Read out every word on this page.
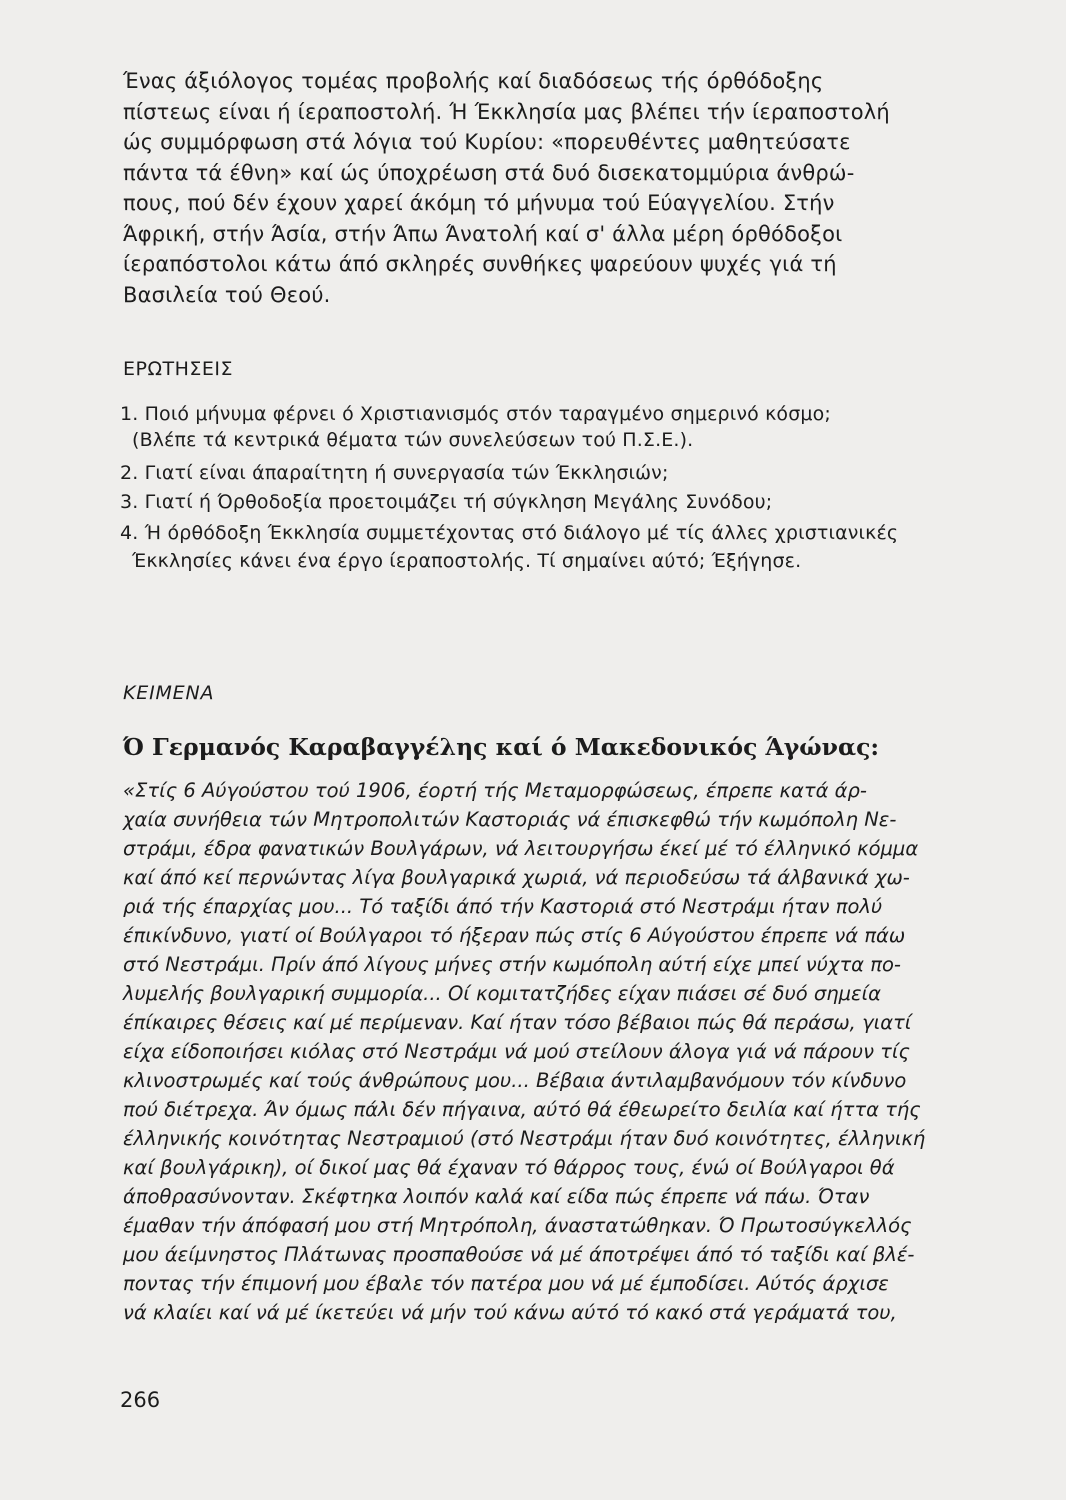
Ένας άξιόλογος τομέας προβολής καί διαδόσεως τής όρθόδοξης
πίστεως είναι ή ίεραποστολή. Ή Έκκλησία μας βλέπει τήν ίεραποστολή
ώς συμμόρφωση στά λόγια τού Κυρίου: «πορευθέντες μαθητεύσατε
πάντα τά έθνη» καί ώς ύποχρέωση στά δυό δισεκατομμύρια άνθρώ-
πους, πού δέν έχουν χαρεί άκόμη τό μήνυμα τού Εύαγγελίου. Στήν
Άφρική, στήν Άσία, στήν Άπω Άνατολή καί σ' άλλα μέρη όρθόδοξοι
ίεραπόστολοι κάτω άπό σκληρές συνθήκες ψαρεύουν ψυχές γιά τή
Βασιλεία τού Θεού.
ΕΡΩΤΗΣΕΙΣ
1. Ποιό μήνυμα φέρνει ό Χριστιανισμός στόν ταραγμένο σημερινό κόσμο;
(Βλέπε τά κεντρικά θέματα τών συνελεύσεων τού Π.Σ.Ε.).
2. Γιατί είναι άπαραίτητη ή συνεργασία τών Έκκλησιών;
3. Γιατί ή Όρθοδοξία προετοιμάζει τή σύγκληση Μεγάλης Συνόδου;
4. Ή όρθόδοξη Έκκλησία συμμετέχοντας στό διάλογο μέ τίς άλλες χριστιανικές
Έκκλησίες κάνει ένα έργο ίεραποστολής. Τί σημαίνει αύτό; Έξήγησε.
ΚΕΙΜΕΝΑ
Ό Γερμανός Καραβαγγέλης καί ό Μακεδονικός Άγώνας:
«Στίς 6 Αύγούστου τού 1906, έορτή τής Μεταμορφώσεως, έπρεπε κατά άρ-
χαία συνήθεια τών Μητροπολιτών Καστοριάς νά έπισκεφθώ τήν κωμόπολη Νε-
στράμι, έδρα φανατικών Βουλγάρων, νά λειτουργήσω έκεί μέ τό έλληνικό κόμμα
καί άπό κεί περνώντας λίγα βουλγαρικά χωριά, νά περιοδεύσω τά άλβανικά χω-
ριά τής έπαρχίας μου... Τό ταξίδι άπό τήν Καστοριά στό Νεστράμι ήταν πολύ
έπικίνδυνο, γιατί οί Βούλγαροι τό ήξεραν πώς στίς 6 Αύγούστου έπρεπε νά πάω
στό Νεστράμι. Πρίν άπό λίγους μήνες στήν κωμόπολη αύτή είχε μπεί νύχτα πο-
λυμελής βουλγαρική συμμορία... Οί κομιτατζήδες είχαν πιάσει σέ δυό σημεία
έπίκαιρες θέσεις καί μέ περίμεναν. Καί ήταν τόσο βέβαιοι πώς θά περάσω, γιατί
είχα είδοποιήσει κιόλας στό Νεστράμι νά μού στείλουν άλογα γιά νά πάρουν τίς
κλινοστρωμές καί τούς άνθρώπους μου... Βέβαια άντιλαμβανόμουν τόν κίνδυνο
πού διέτρεχα. Άν όμως πάλι δέν πήγαινα, αύτό θά έθεωρείτο δειλία καί ήττα τής
έλληνικής κοινότητας Νεστραμιού (στό Νεστράμι ήταν δυό κοινότητες, έλληνική
καί βουλγάρικη), οί δικοί μας θά έχαναν τό θάρρος τους, ένώ οί Βούλγαροι θά
άποθρασύνονταν. Σκέφτηκα λοιπόν καλά καί είδα πώς έπρεπε νά πάω. Όταν
έμαθαν τήν άπόφασή μου στή Μητρόπολη, άναστατώθηκαν. Ό Πρωτοσύγκελλός
μου άείμνηστος Πλάτωνας προσπαθούσε νά μέ άποτρέψει άπό τό ταξίδι καί βλέ-
ποντας τήν έπιμονή μου έβαλε τόν πατέρα μου νά μέ έμποδίσει. Αύτός άρχισε
νά κλαίει καί νά μέ ίκετεύει νά μήν τού κάνω αύτό τό κακό στά γεράματά του,
266
